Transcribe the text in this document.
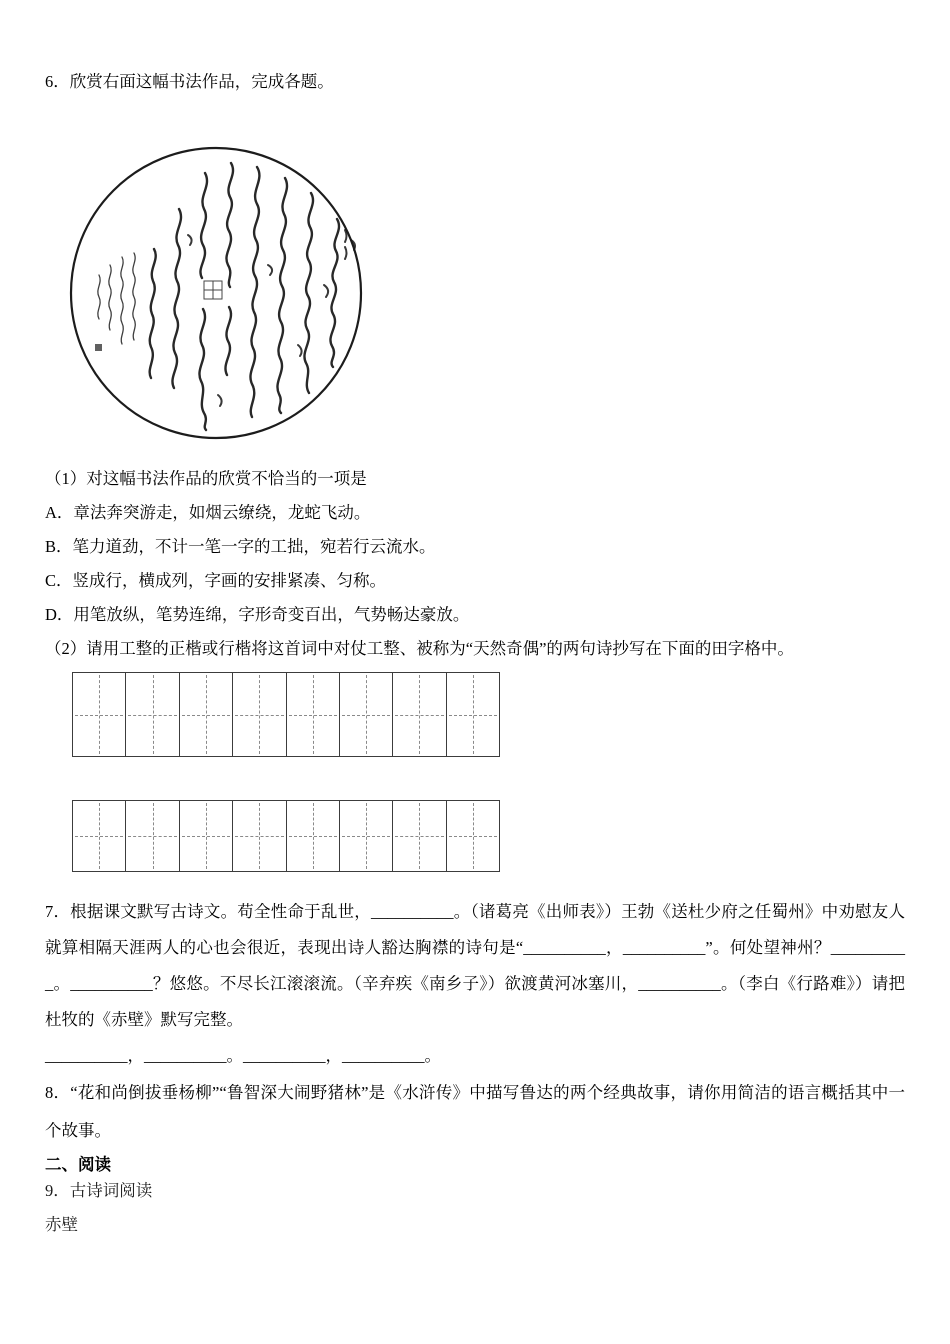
6．欣赏右面这幅书法作品，完成各题。

（1）对这幅书法作品的欣赏不恰当的一项是

A．章法奔突游走，如烟云缭绕，龙蛇飞动。

B．笔力道劲，不计一笔一字的工拙，宛若行云流水。

C．竖成行，横成列，字画的安排紧凑、匀称。

D．用笔放纵，笔势连绵，字形奇变百出，气势畅达豪放。

（2）请用工整的正楷或行楷将这首词中对仗工整、被称为“天然奇偶”的两句诗抄写在下面的田字格中。

7．根据课文默写古诗文。苟全性命于乱世，__________。（诸葛亮《出师表》）王勃《送杜少府之任蜀州》中劝慰友人就算相隔天涯两人的心也会很近，表现出诗人豁达胸襟的诗句是“__________，__________”。何处望神州？__________。__________？悠悠。不尽长江滚滚流。（辛弃疾《南乡子》）欲渡黄河冰塞川，__________。（李白《行路难》）请把杜牧的《赤壁》默写完整。

__________，__________。__________，__________。

8．“花和尚倒拔垂杨柳”“鲁智深大闹野猪林”是《水浒传》中描写鲁达的两个经典故事，请你用简洁的语言概括其中一个故事。

二、阅读

9．古诗词阅读

赤壁
